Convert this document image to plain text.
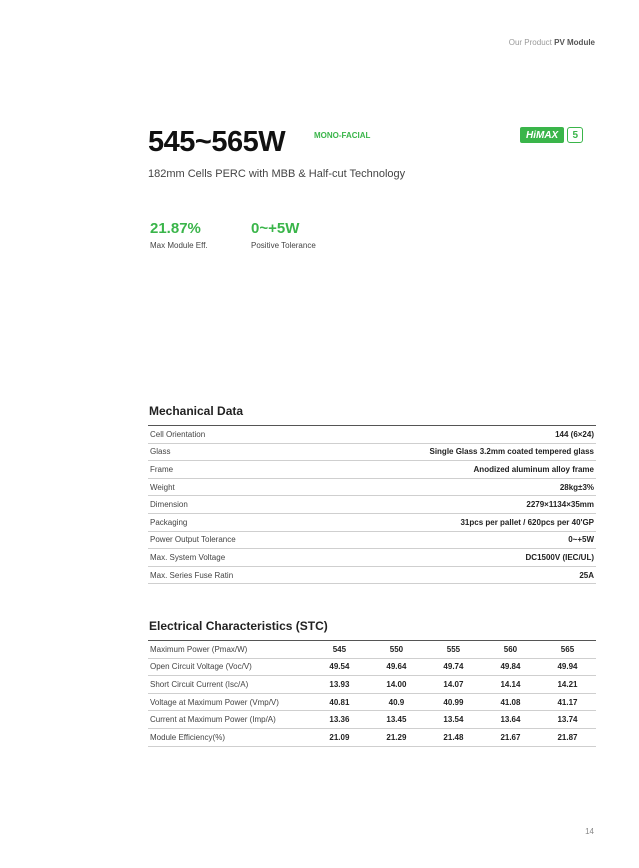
Our Product PV Module
545~565W	MONO-FACIAL	HiMAX	5
182mm Cells PERC with MBB & Half-cut Technology
21.87%
Max Module Eff.
0~+5W
Positive Tolerance
Mechanical Data
Cell Orientation	144 (6×24)
Glass	Single Glass 3.2mm coated tempered glass
Frame	Anodized aluminum alloy frame
Weight	28kg±3%
Dimension	2279×1134×35mm
Packaging	31pcs per pallet / 620pcs per 40'GP
Power Output Tolerance	0~+5W
Max. System Voltage	DC1500V (IEC/UL)
Max. Series Fuse Ratin	25A
Electrical Characteristics (STC)
Maximum Power (Pmax/W)	545	550	555	560	565
Open Circuit Voltage (Voc/V)	49.54	49.64	49.74	49.84	49.94
Short Circuit Current (Isc/A)	13.93	14.00	14.07	14.14	14.21
Voltage at Maximum Power (Vmp/V)	40.81	40.9	40.99	41.08	41.17
Current at Maximum Power (Imp/A)	13.36	13.45	13.54	13.64	13.74
Module Efficiency(%)	21.09	21.29	21.48	21.67	21.87
14
